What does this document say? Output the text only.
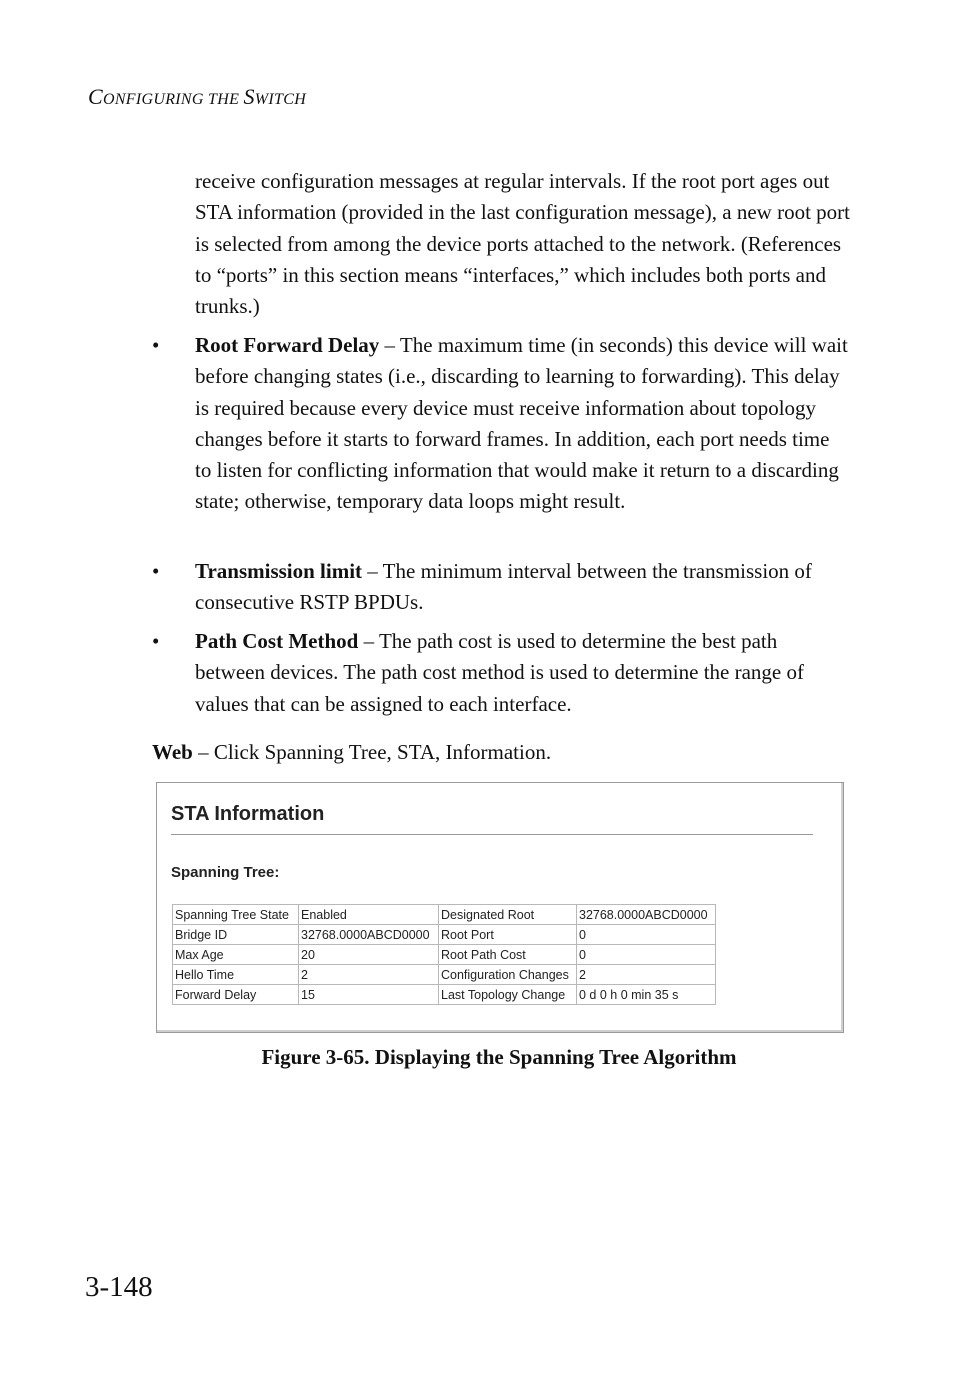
CONFIGURING THE SWITCH
receive configuration messages at regular intervals. If the root port ages out STA information (provided in the last configuration message), a new root port is selected from among the device ports attached to the network. (References to “ports” in this section means “interfaces,” which includes both ports and trunks.)
•	Root Forward Delay – The maximum time (in seconds) this device will wait before changing states (i.e., discarding to learning to forwarding). This delay is required because every device must receive information about topology changes before it starts to forward frames. In addition, each port needs time to listen for conflicting information that would make it return to a discarding state; otherwise, temporary data loops might result.
•	Transmission limit – The minimum interval between the transmission of consecutive RSTP BPDUs.
•	Path Cost Method – The path cost is used to determine the best path between devices. The path cost method is used to determine the range of values that can be assigned to each interface.
Web – Click Spanning Tree, STA, Information.
STA Information
Spanning Tree:
Spanning Tree State	Enabled	Designated Root	32768.0000ABCD0000
Bridge ID	32768.0000ABCD0000	Root Port	0
Max Age	20	Root Path Cost	0
Hello Time	2	Configuration Changes	2
Forward Delay	15	Last Topology Change	0 d 0 h 0 min 35 s
Figure 3-65. Displaying the Spanning Tree Algorithm
3-148
